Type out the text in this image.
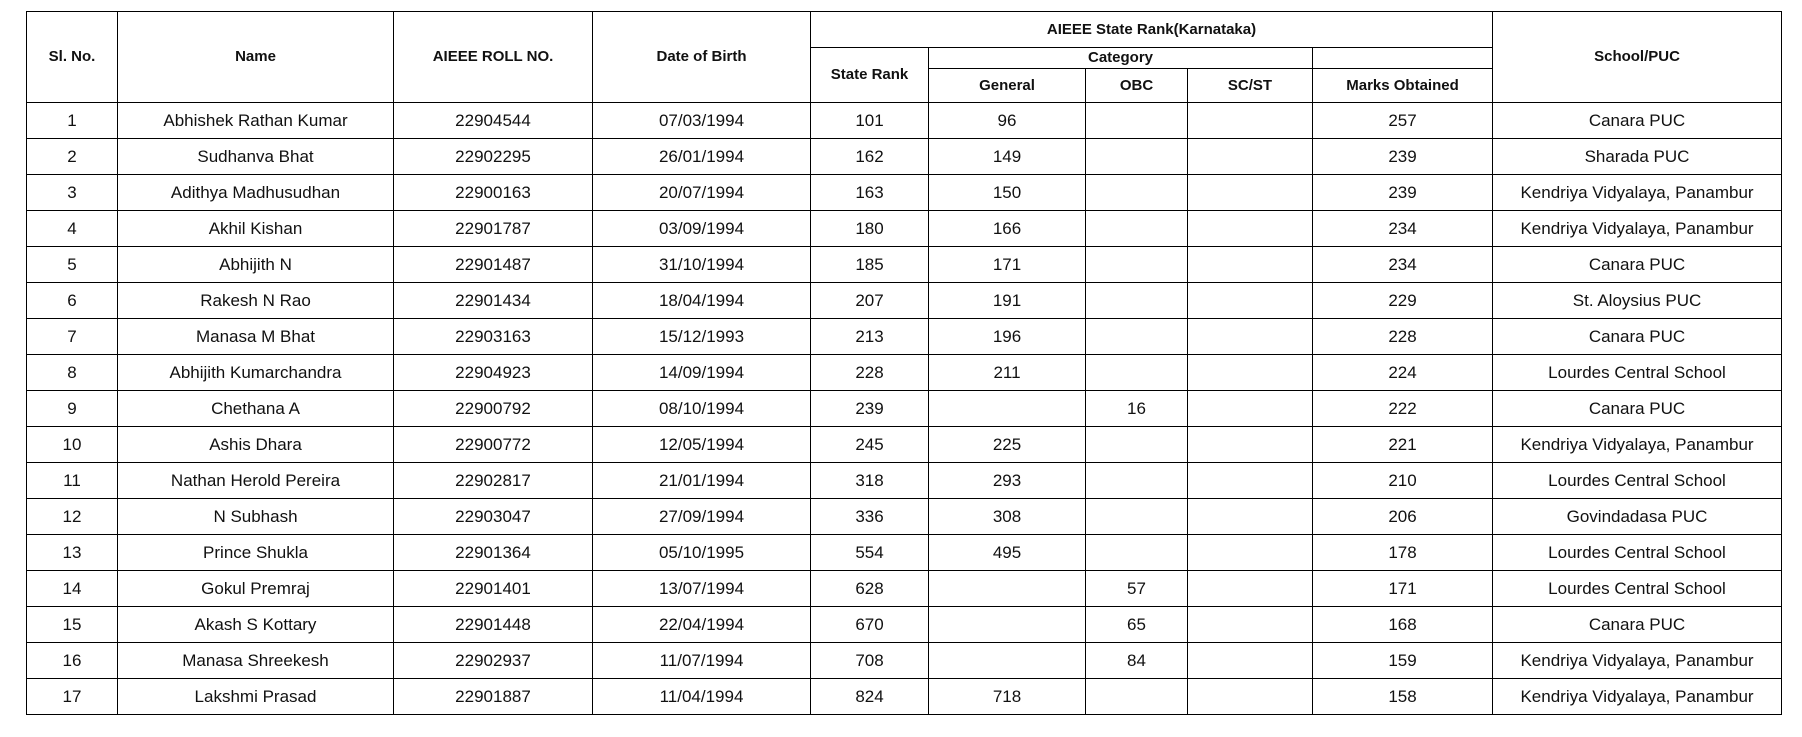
Sl. No.	Name	AIEEE ROLL NO.	Date of Birth	AIEEE State Rank(Karnataka)					School/PUC
				State Rank	Category				
					General	OBC	SC/ST	Marks Obtained	
1	Abhishek Rathan Kumar	22904544	07/03/1994	101	96			257	Canara PUC
2	Sudhanva Bhat	22902295	26/01/1994	162	149			239	Sharada PUC
3	Adithya Madhusudhan	22900163	20/07/1994	163	150			239	Kendriya Vidyalaya, Panambur
4	Akhil Kishan	22901787	03/09/1994	180	166			234	Kendriya Vidyalaya, Panambur
5	Abhijith N	22901487	31/10/1994	185	171			234	Canara PUC
6	Rakesh N Rao	22901434	18/04/1994	207	191			229	St. Aloysius PUC
7	Manasa M Bhat	22903163	15/12/1993	213	196			228	Canara PUC
8	Abhijith Kumarchandra	22904923	14/09/1994	228	211			224	Lourdes Central School
9	Chethana A	22900792	08/10/1994	239		16		222	Canara PUC
10	Ashis Dhara	22900772	12/05/1994	245	225			221	Kendriya Vidyalaya, Panambur
11	Nathan Herold Pereira	22902817	21/01/1994	318	293			210	Lourdes Central School
12	N Subhash	22903047	27/09/1994	336	308			206	Govindadasa PUC
13	Prince Shukla	22901364	05/10/1995	554	495			178	Lourdes Central School
14	Gokul Premraj	22901401	13/07/1994	628		57		171	Lourdes Central School
15	Akash S Kottary	22901448	22/04/1994	670		65		168	Canara PUC
16	Manasa Shreekesh	22902937	11/07/1994	708		84		159	Kendriya Vidyalaya, Panambur
17	Lakshmi Prasad	22901887	11/04/1994	824	718			158	Kendriya Vidyalaya, Panambur
